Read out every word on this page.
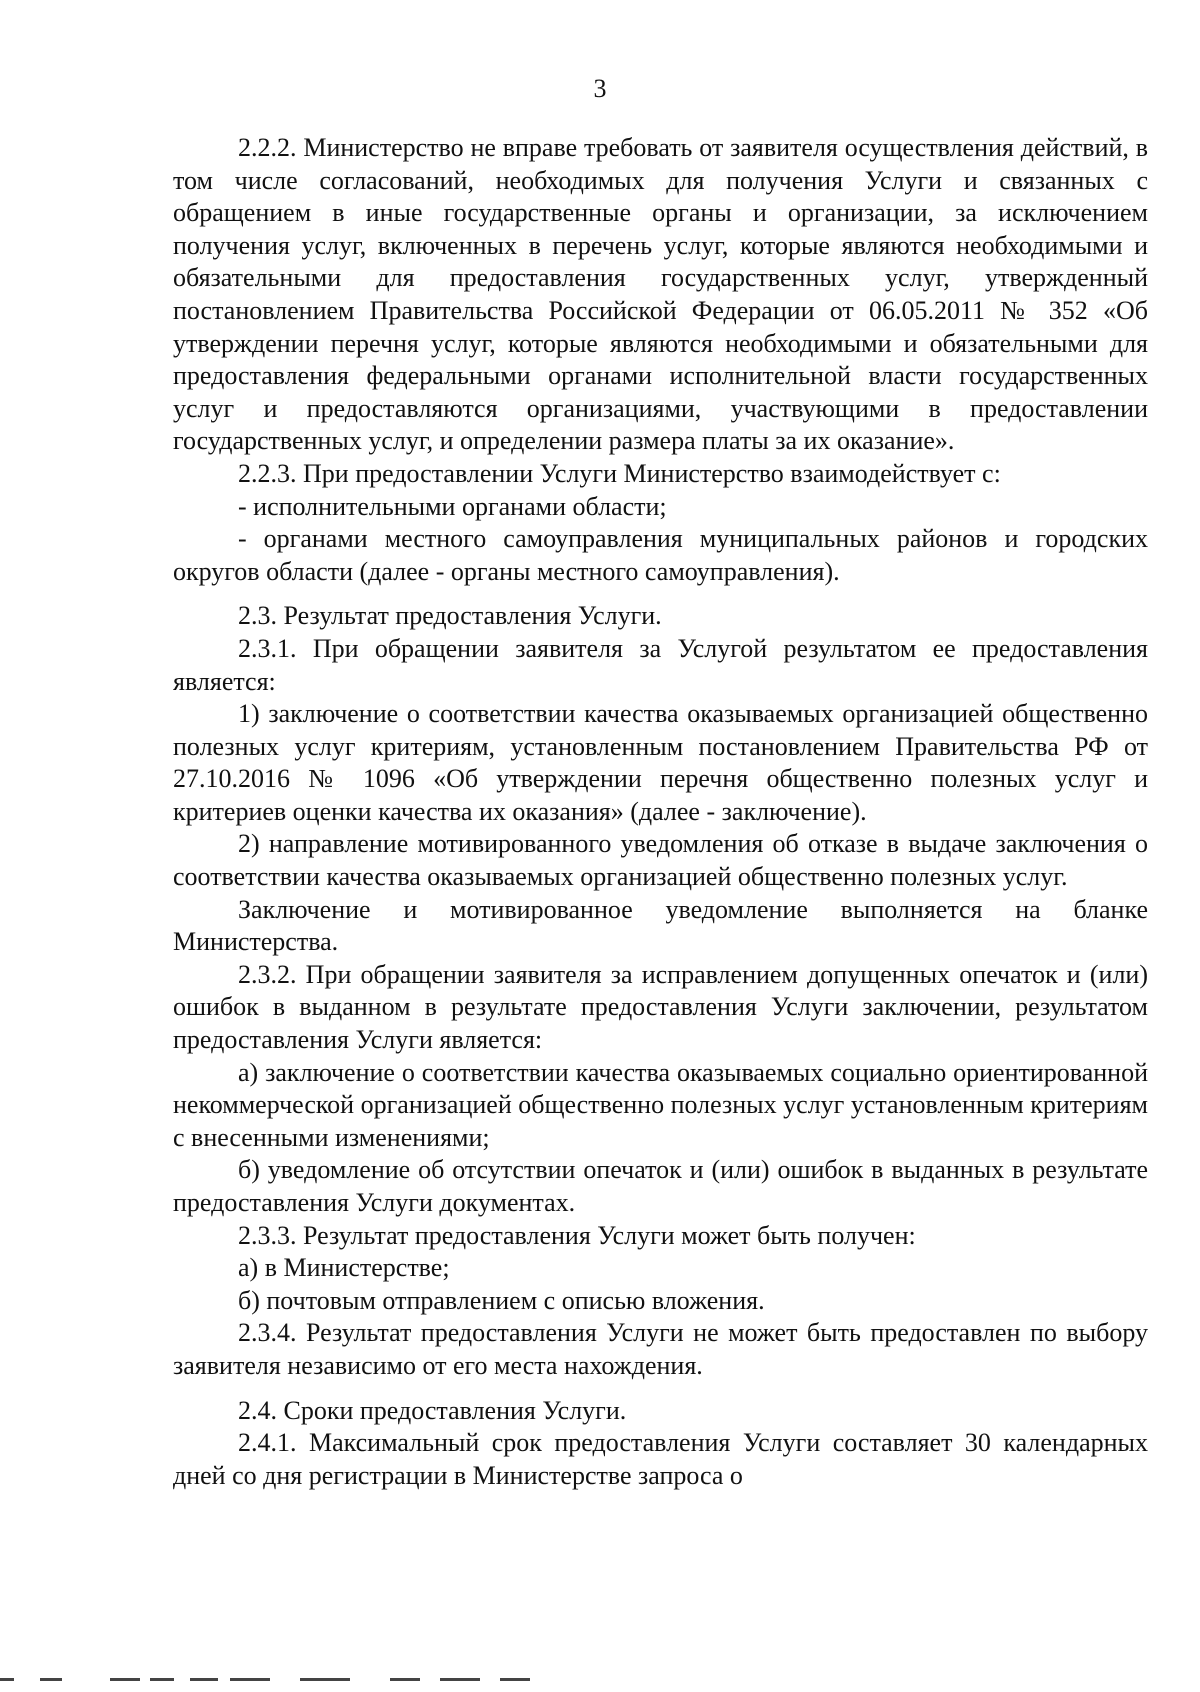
3

2.2.2. Министерство не вправе требовать от заявителя осуществления действий, в том числе согласований, необходимых для получения Услуги и связанных с обращением в иные государственные органы и организации, за исключением получения услуг, включенных в перечень услуг, которые являются необходимыми и обязательными для предоставления государственных услуг, утвержденный постановлением Правительства Российской Федерации от 06.05.2011 № 352 «Об утверждении перечня услуг, которые являются необходимыми и обязательными для предоставления федеральными органами исполнительной власти государственных услуг и предоставляются организациями, участвующими в предоставлении государственных услуг, и определении размера платы за их оказание».

2.2.3. При предоставлении Услуги Министерство взаимодействует с:

- исполнительными органами области;

- органами местного самоуправления муниципальных районов и городских округов области (далее - органы местного самоуправления).

2.3. Результат предоставления Услуги.

2.3.1. При обращении заявителя за Услугой результатом ее предоставления является:

1) заключение о соответствии качества оказываемых организацией общественно полезных услуг критериям, установленным постановлением Правительства РФ от 27.10.2016 № 1096 «Об утверждении перечня общественно полезных услуг и критериев оценки качества их оказания» (далее - заключение).

2) направление мотивированного уведомления об отказе в выдаче заключения о соответствии качества оказываемых организацией общественно полезных услуг.

Заключение и мотивированное уведомление выполняется на бланке Министерства.

2.3.2. При обращении заявителя за исправлением допущенных опечаток и (или) ошибок в выданном в результате предоставления Услуги заключении, результатом предоставления Услуги является:

а) заключение о соответствии качества оказываемых социально ориентированной некоммерческой организацией общественно полезных услуг установленным критериям с внесенными изменениями;

б) уведомление об отсутствии опечаток и (или) ошибок в выданных в результате предоставления Услуги документах.

2.3.3. Результат предоставления Услуги может быть получен:

а) в Министерстве;

б) почтовым отправлением с описью вложения.

2.3.4. Результат предоставления Услуги не может быть предоставлен по выбору заявителя независимо от его места нахождения.

2.4. Сроки предоставления Услуги.

2.4.1. Максимальный срок предоставления Услуги составляет 30 календарных дней со дня регистрации в Министерстве запроса о
